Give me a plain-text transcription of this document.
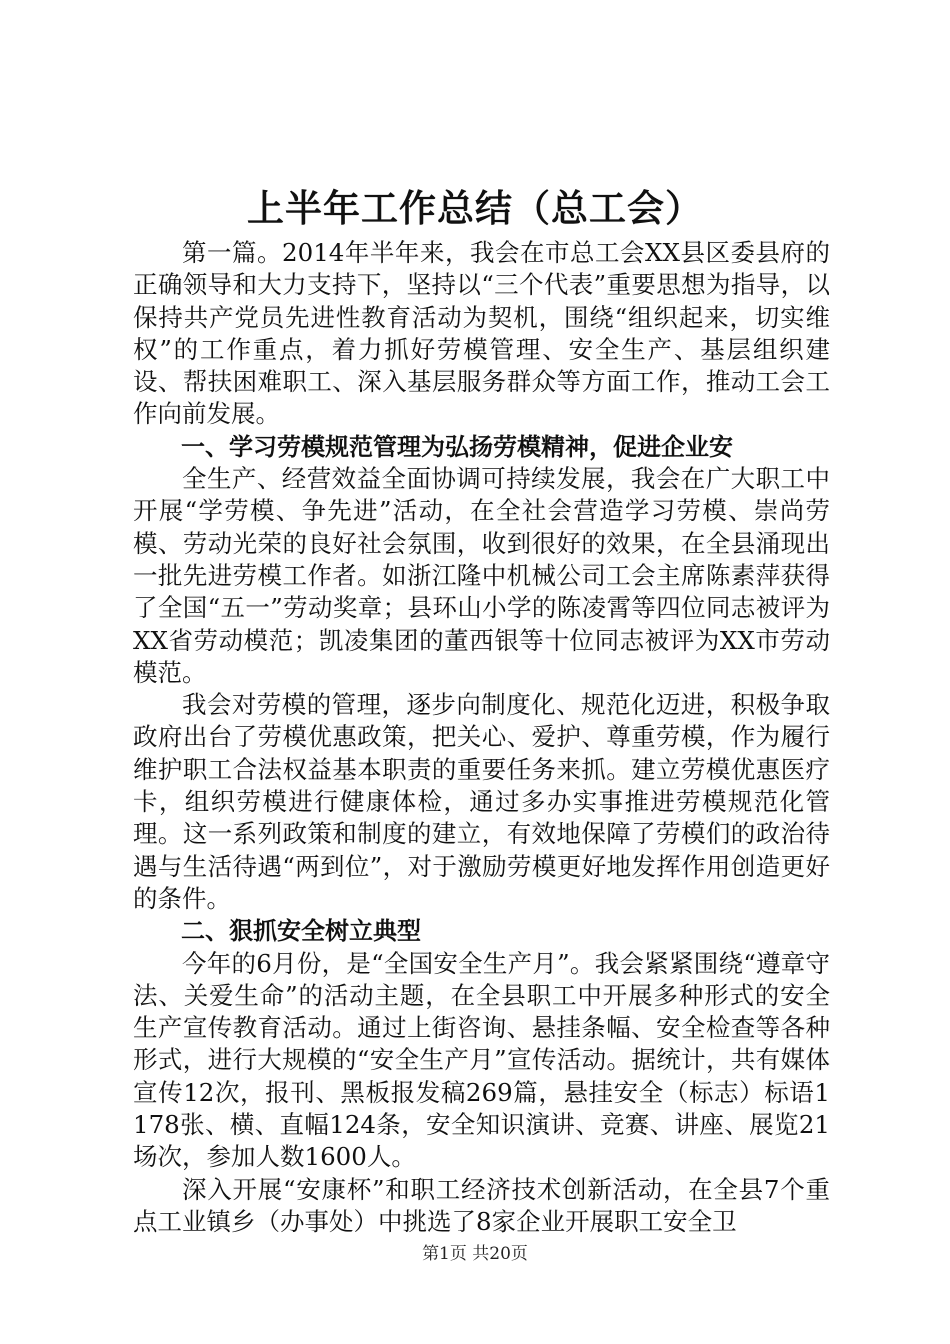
上半年工作总结（总工会）

第一篇。2014年半年来，我会在市总工会XX县区委县府的正确领导和大力支持下，坚持以“三个代表”重要思想为指导，以保持共产党员先进性教育活动为契机，围绕“组织起来，切实维权”的工作重点，着力抓好劳模管理、安全生产、基层组织建设、帮扶困难职工、深入基层服务群众等方面工作，推动工会工作向前发展。

一、学习劳模规范管理为弘扬劳模精神，促进企业安

全生产、经营效益全面协调可持续发展，我会在广大职工中开展“学劳模、争先进”活动，在全社会营造学习劳模、崇尚劳模、劳动光荣的良好社会氛围，收到很好的效果，在全县涌现出一批先进劳模工作者。如浙江隆中机械公司工会主席陈素萍获得了全国“五一”劳动奖章；县环山小学的陈凌霄等四位同志被评为XX省劳动模范；凯凌集团的董西银等十位同志被评为XX市劳动模范。

我会对劳模的管理，逐步向制度化、规范化迈进，积极争取政府出台了劳模优惠政策，把关心、爱护、尊重劳模，作为履行维护职工合法权益基本职责的重要任务来抓。建立劳模优惠医疗卡，组织劳模进行健康体检，通过多办实事推进劳模规范化管理。这一系列政策和制度的建立，有效地保障了劳模们的政治待遇与生活待遇“两到位”，对于激励劳模更好地发挥作用创造更好的条件。

二、狠抓安全树立典型

今年的6月份，是“全国安全生产月”。我会紧紧围绕“遵章守法、关爱生命”的活动主题，在全县职工中开展多种形式的安全生产宣传教育活动。通过上街咨询、悬挂条幅、安全检查等各种形式，进行大规模的“安全生产月”宣传活动。据统计，共有媒体宣传12次，报刊、黑板报发稿269篇，悬挂安全（标志）标语1178张、横、直幅124条，安全知识演讲、竞赛、讲座、展览21场次，参加人数1600人。

深入开展“安康杯”和职工经济技术创新活动，在全县7个重点工业镇乡（办事处）中挑选了8家企业开展职工安全卫

第1页 共20页
